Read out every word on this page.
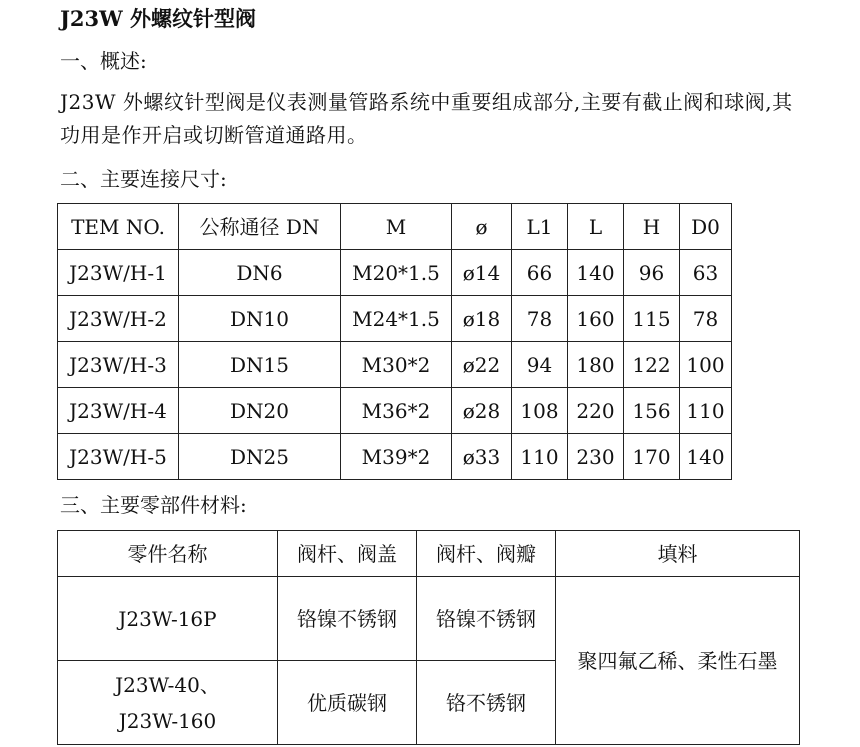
J23W 外螺纹针型阀
一、概述:
J23W 外螺纹针型阀是仪表测量管路系统中重要组成部分,主要有截止阀和球阀,其功用是作开启或切断管道通路用。
二、主要连接尺寸:
TEM NO.	公称通径 DN	M	ø	L1	L	H	D0
J23W/H-1	DN6	M20*1.5	ø14	66	140	96	63
J23W/H-2	DN10	M24*1.5	ø18	78	160	115	78
J23W/H-3	DN15	M30*2	ø22	94	180	122	100
J23W/H-4	DN20	M36*2	ø28	108	220	156	110
J23W/H-5	DN25	M39*2	ø33	110	230	170	140
三、主要零部件材料:
零件名称	阀杆、阀盖	阀杆、阀瓣	填料
J23W-16P	铬镍不锈钢	铬镍不锈钢	聚四氟乙稀、柔性石墨
J23W-40、J23W-160	优质碳钢	铬不锈钢	
